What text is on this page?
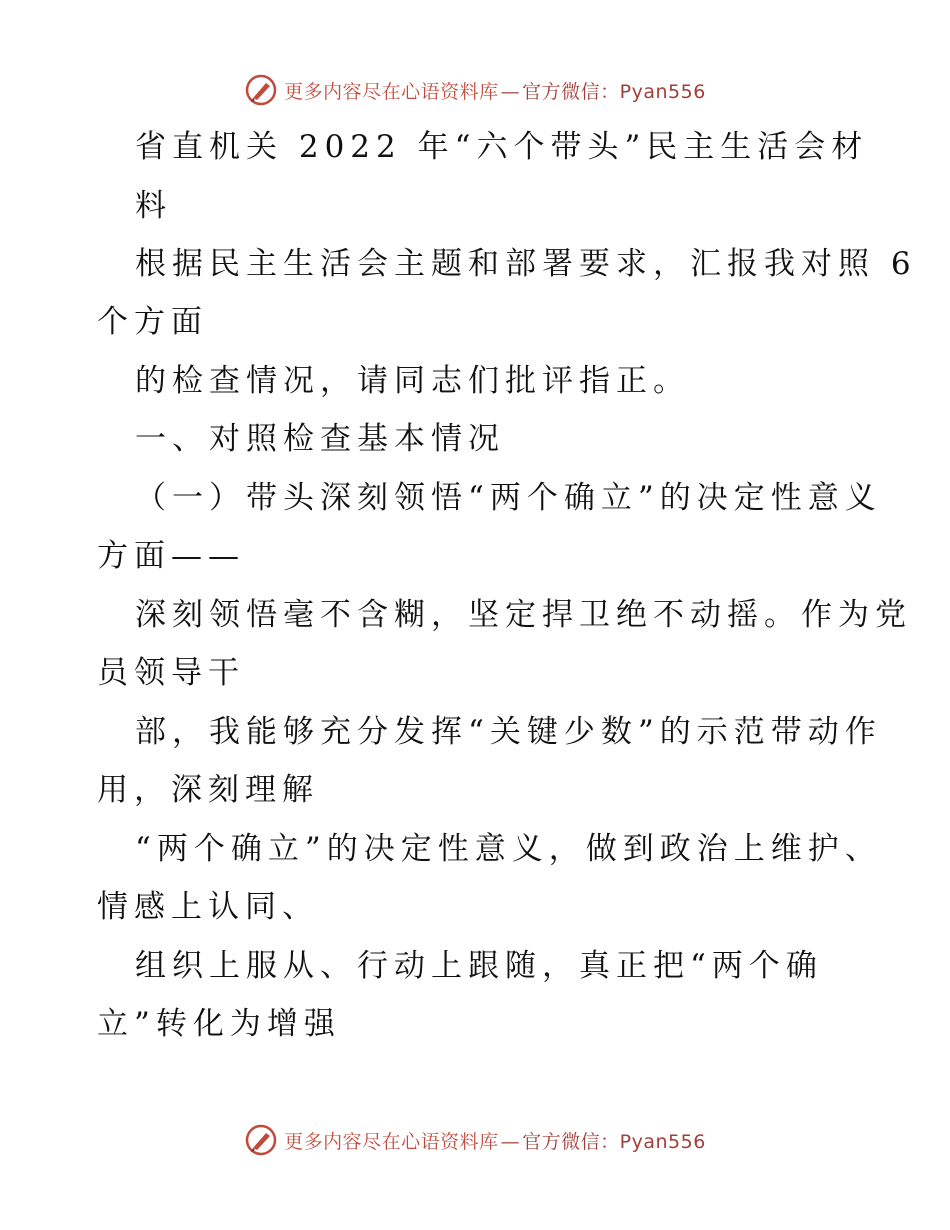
更多内容尽在心语资料库 — 官方微信：Pyan556
省直机关 2022 年“六个带头”民主生活会材
料
根据民主生活会主题和部署要求，汇报我对照 6
个方面
的检查情况，请同志们批评指正。
一、对照检查基本情况
（一）带头深刻领悟“两个确立”的决定性意义
方面——
深刻领悟毫不含糊，坚定捍卫绝不动摇。作为党
员领导干
部，我能够充分发挥“关键少数”的示范带动作
用，深刻理解
“两个确立”的决定性意义，做到政治上维护、
情感上认同、
组织上服从、行动上跟随，真正把“两个确
立”转化为增强
更多内容尽在心语资料库 — 官方微信：Pyan556
